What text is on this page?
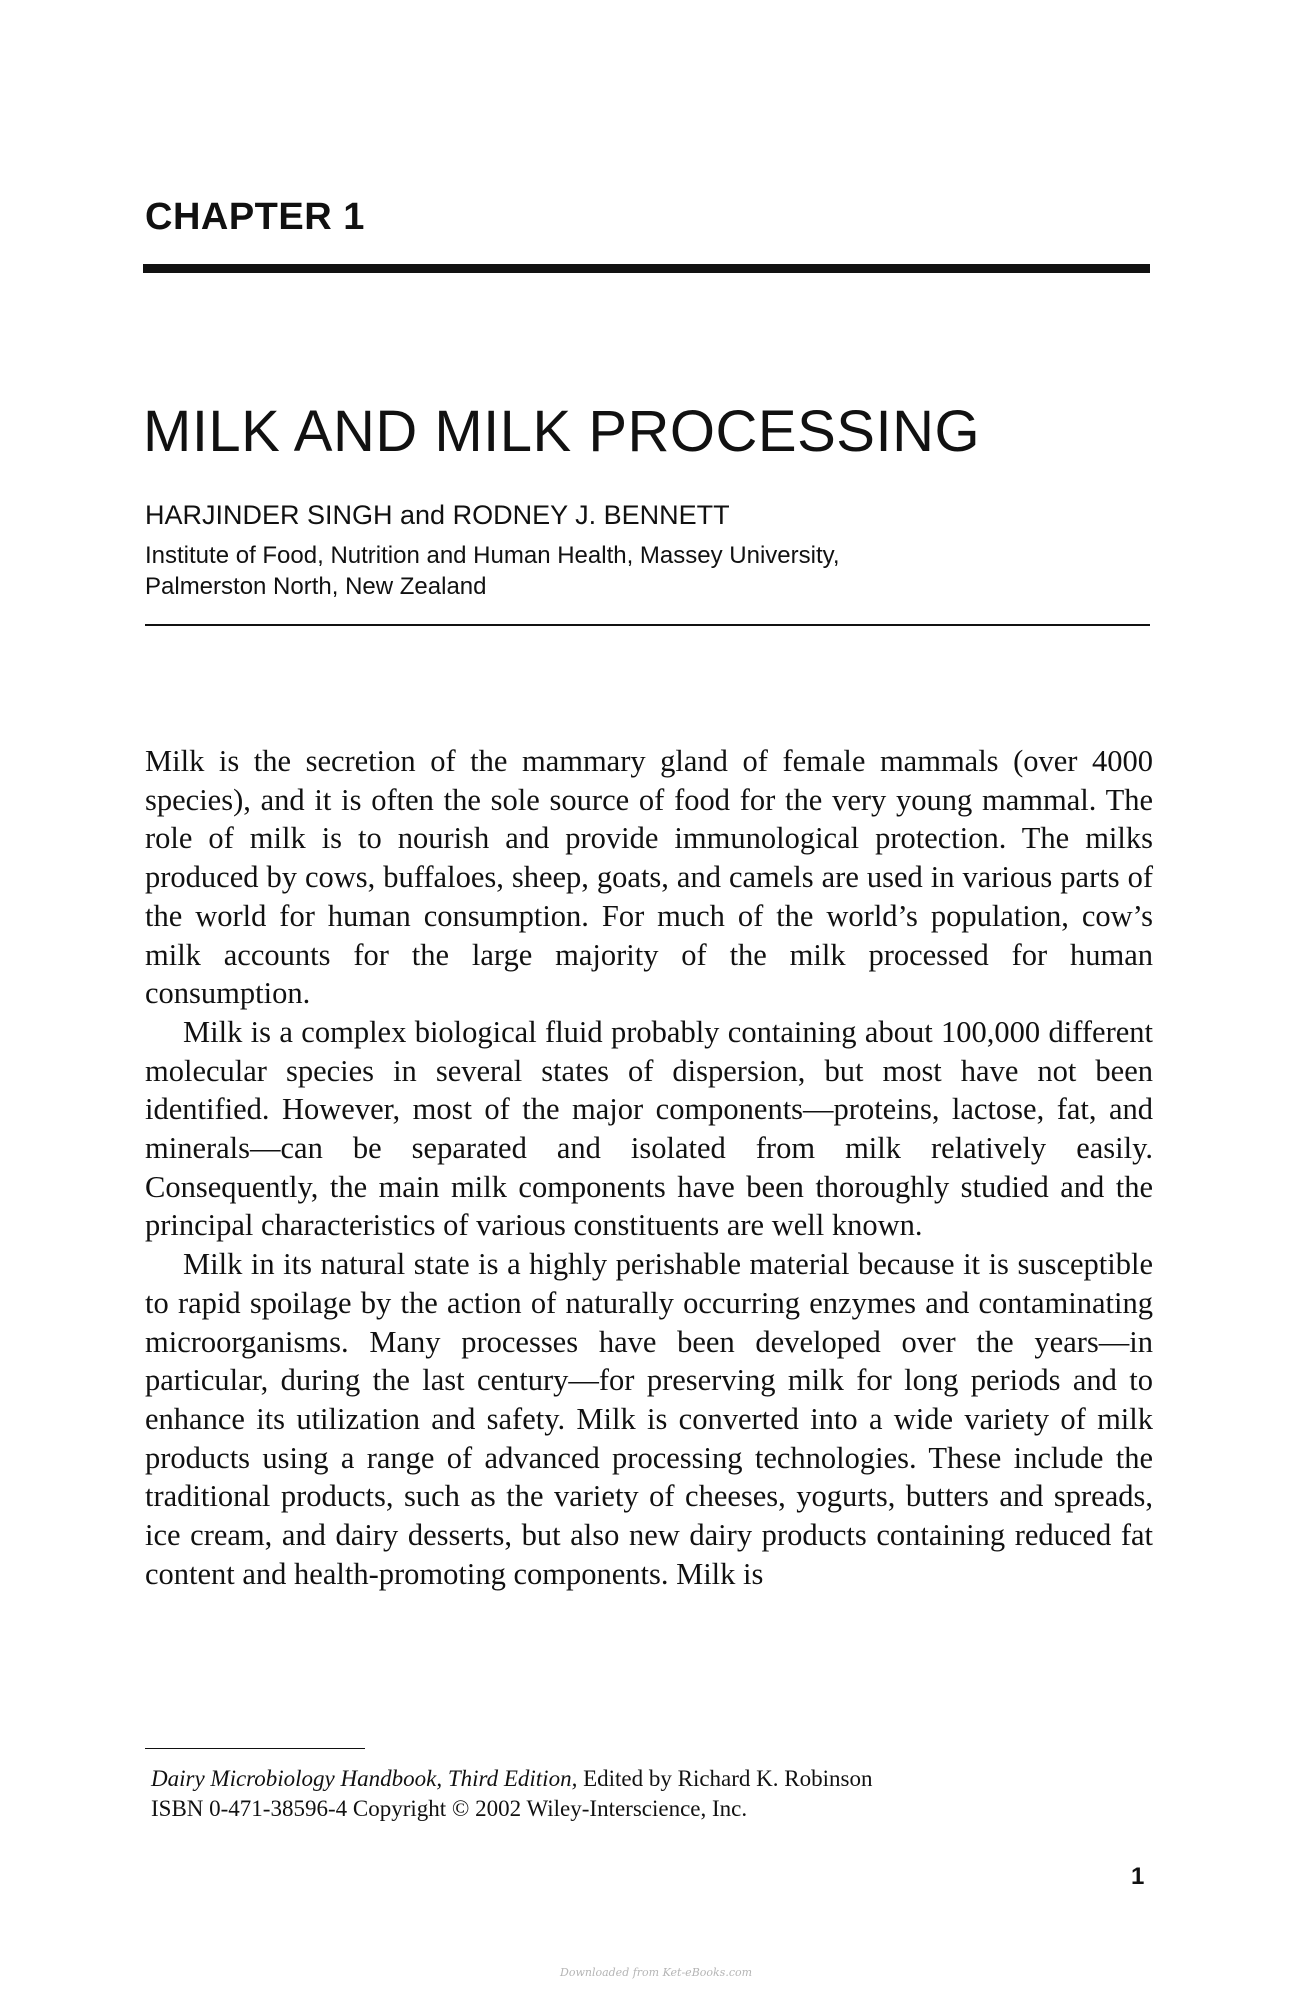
CHAPTER 1
MILK AND MILK PROCESSING

HARJINDER SINGH and RODNEY J. BENNETT

Institute of Food, Nutrition and Human Health, Massey University,
Palmerston North, New Zealand

Milk is the secretion of the mammary gland of female mammals (over 4000 species), and it is often the sole source of food for the very young mammal. The role of milk is to nourish and provide immunological protection. The milks produced by cows, buffaloes, sheep, goats, and camels are used in various parts of the world for human consumption. For much of the world’s population, cow’s milk accounts for the large majority of the milk processed for human consumption.

Milk is a complex biological fluid probably containing about 100,000 different molecular species in several states of dispersion, but most have not been identified. However, most of the major components—proteins, lactose, fat, and minerals—can be separated and isolated from milk relatively easily. Consequently, the main milk components have been thoroughly studied and the principal characteristics of various constituents are well known.

Milk in its natural state is a highly perishable material because it is susceptible to rapid spoilage by the action of naturally occurring enzymes and contaminating microorganisms. Many processes have been developed over the years—in particular, during the last century—for preserving milk for long periods and to enhance its utilization and safety. Milk is converted into a wide variety of milk products using a range of advanced processing technologies. These include the traditional products, such as the variety of cheeses, yogurts, butters and spreads, ice cream, and dairy desserts, but also new dairy products containing reduced fat content and health-promoting components. Milk is

Dairy Microbiology Handbook, Third Edition, Edited by Richard K. Robinson
ISBN 0-471-38596-4 Copyright © 2002 Wiley-Interscience, Inc.

1

Downloaded from Ket-eBooks.com
